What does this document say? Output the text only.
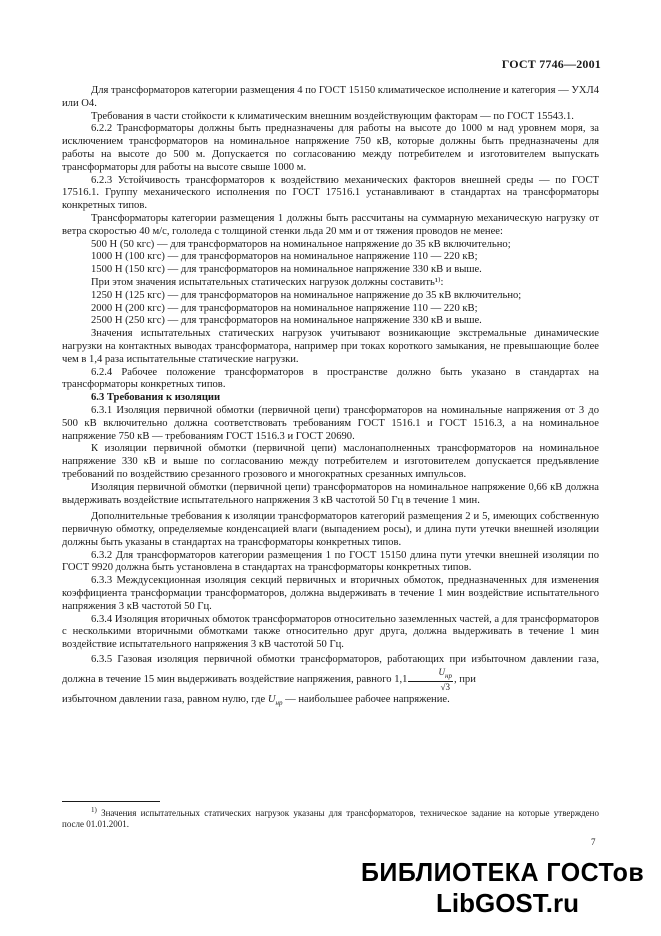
ГОСТ 7746—2001

Для трансформаторов категории размещения 4 по ГОСТ 15150 климатическое исполнение и категория — УХЛ4 или О4.

Требования в части стойкости к климатическим внешним воздействующим факторам — по ГОСТ 15543.1.

6.2.2 Трансформаторы должны быть предназначены для работы на высоте до 1000 м над уровнем моря, за исключением трансформаторов на номинальное напряжение 750 кВ, которые должны быть предназначены для работы на высоте до 500 м. Допускается по согласованию между потребителем и изготовителем выпускать трансформаторы для работы на высоте свыше 1000 м.

6.2.3 Устойчивость трансформаторов к воздействию механических факторов внешней среды — по ГОСТ 17516.1. Группу механического исполнения по ГОСТ 17516.1 устанавливают в стандартах на трансформаторы конкретных типов.

Трансформаторы категории размещения 1 должны быть рассчитаны на суммарную механическую нагрузку от ветра скоростью 40 м/с, гололеда с толщиной стенки льда 20 мм и от тяжения проводов не менее:

500 Н (50 кгс) — для трансформаторов на номинальное напряжение до 35 кВ включительно;

1000 Н (100 кгс) — для трансформаторов на номинальное напряжение 110 — 220 кВ;

1500 Н (150 кгс) — для трансформаторов на номинальное напряжение 330 кВ и выше.

При этом значения испытательных статических нагрузок должны составить¹⁾:

1250 Н (125 кгс) — для трансформаторов на номинальное напряжение до 35 кВ включительно;

2000 Н (200 кгс) — для трансформаторов на номинальное напряжение 110 — 220 кВ;

2500 Н (250 кгс) — для трансформаторов на номинальное напряжение 330 кВ и выше.

Значения испытательных статических нагрузок учитывают возникающие экстремальные динамические нагрузки на контактных выводах трансформатора, например при токах короткого замыкания, не превышающие более чем в 1,4 раза испытательные статические нагрузки.

6.2.4 Рабочее положение трансформаторов в пространстве должно быть указано в стандартах на трансформаторы конкретных типов.

6.3 Требования к изоляции

6.3.1 Изоляция первичной обмотки (первичной цепи) трансформаторов на номинальные напряжения от 3 до 500 кВ включительно должна соответствовать требованиям ГОСТ 1516.1 и ГОСТ 1516.3, а на номинальное напряжение 750 кВ — требованиям ГОСТ 1516.3 и ГОСТ 20690.

К изоляции первичной обмотки (первичной цепи) маслонаполненных трансформаторов на номинальное напряжение 330 кВ и выше по согласованию между потребителем и изготовителем допускается предъявление требований по воздействию срезанного грозового и многократных срезанных импульсов.

Изоляция первичной обмотки (первичной цепи) трансформаторов на номинальное напряжение 0,66 кВ должна выдерживать воздействие испытательного напряжения 3 кВ частотой 50 Гц в течение 1 мин.

Дополнительные требования к изоляции трансформаторов категорий размещения 2 и 5, имеющих собственную первичную обмотку, определяемые конденсацией влаги (выпадением росы), и длина пути утечки внешней изоляции должны быть указаны в стандартах на трансформаторы конкретных типов.

6.3.2 Для трансформаторов категории размещения 1 по ГОСТ 15150 длина пути утечки внешней изоляции по ГОСТ 9920 должна быть установлена в стандартах на трансформаторы конкретных типов.

6.3.3 Междусекционная изоляция секций первичных и вторичных обмоток, предназначенных для изменения коэффициента трансформации трансформаторов, должна выдерживать в течение 1 мин воздействие испытательного напряжения 3 кВ частотой 50 Гц.

6.3.4 Изоляция вторичных обмоток трансформаторов относительно заземленных частей, а для трансформаторов с несколькими вторичными обмотками также относительно друг друга, должна выдерживать в течение 1 мин воздействие испытательного напряжения 3 кВ частотой 50 Гц.

6.3.5 Газовая изоляция первичной обмотки трансформаторов, работающих при избыточном давлении газа, должна в течение 15 мин выдерживать воздействие напряжения, равного $1,1 \frac{U_{нр}}{√3}$ , при

избыточном давлении газа, равном нулю, где $U_{нр}$ — наибольшее рабочее напряжение.

$^{1)}$ Значения испытательных статических нагрузок указаны для трансформаторов, техническое задание на которые утверждено после 01.01.2001.
7
БИБЛИОТЕКА ГОСТов
LibGOST.ru
